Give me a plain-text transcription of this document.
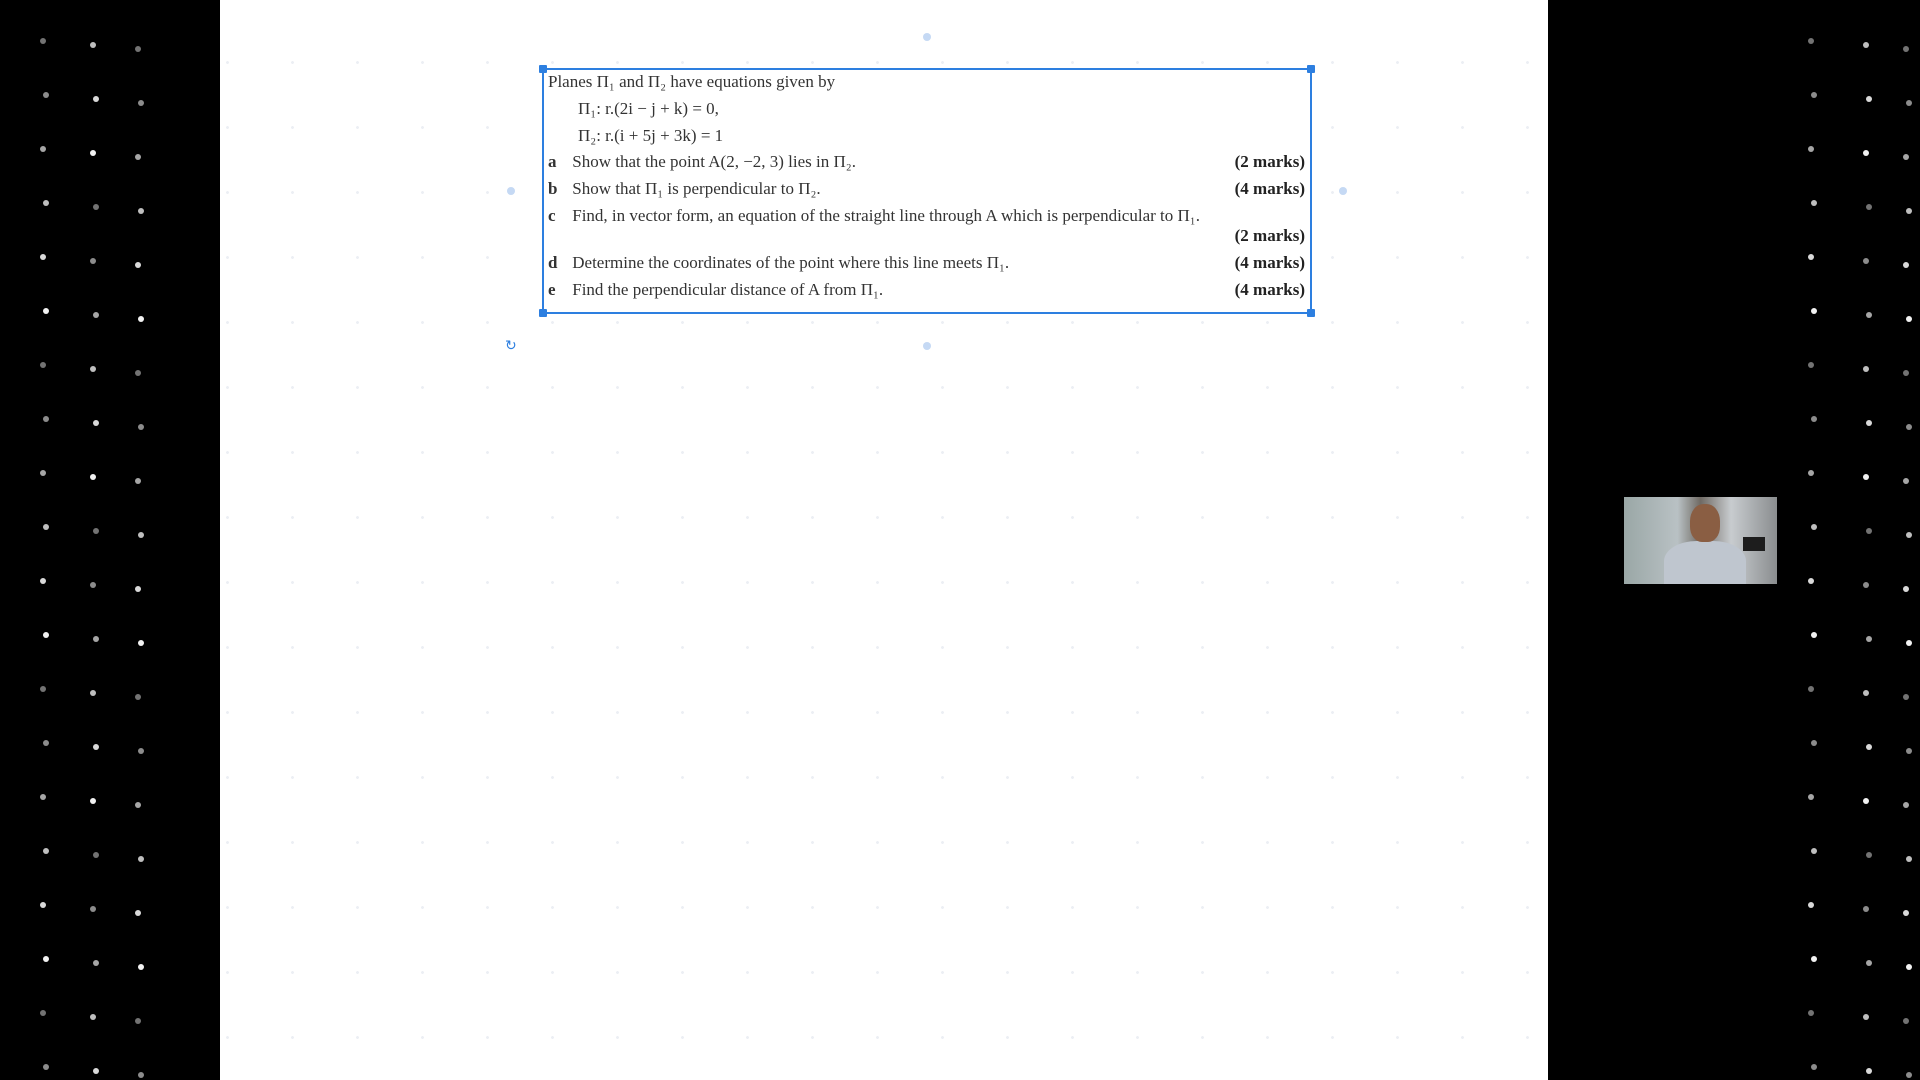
↻
Planes Π₁ and Π₂ have equations given by
Π₁: r.(2i − j + k) = 0,
Π₂: r.(i + 5j + 3k) = 1
a Show that the point A(2, −2, 3) lies in Π₂.	(2 marks)
b Show that Π₁ is perpendicular to Π₂.	(4 marks)
c Find, in vector form, an equation of the straight line through A which is perpendicular to Π₁.
(2 marks)
d Determine the coordinates of the point where this line meets Π₁.	(4 marks)
e Find the perpendicular distance of A from Π₁.	(4 marks)
